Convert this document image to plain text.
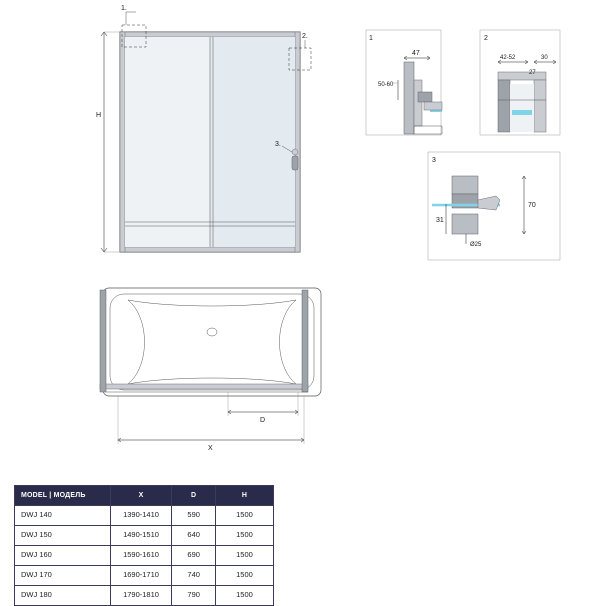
H
1.
2.
3.
1
47
50-60
2
42-52	30
27
3
70
31
Ø25
D
X
MODEL | МОДЕЛЬ	X	D	H
DWJ 140	1390-1410	590	1500
DWJ 150	1490-1510	640	1500
DWJ 160	1590-1610	690	1500
DWJ 170	1690-1710	740	1500
DWJ 180	1790-1810	790	1500
